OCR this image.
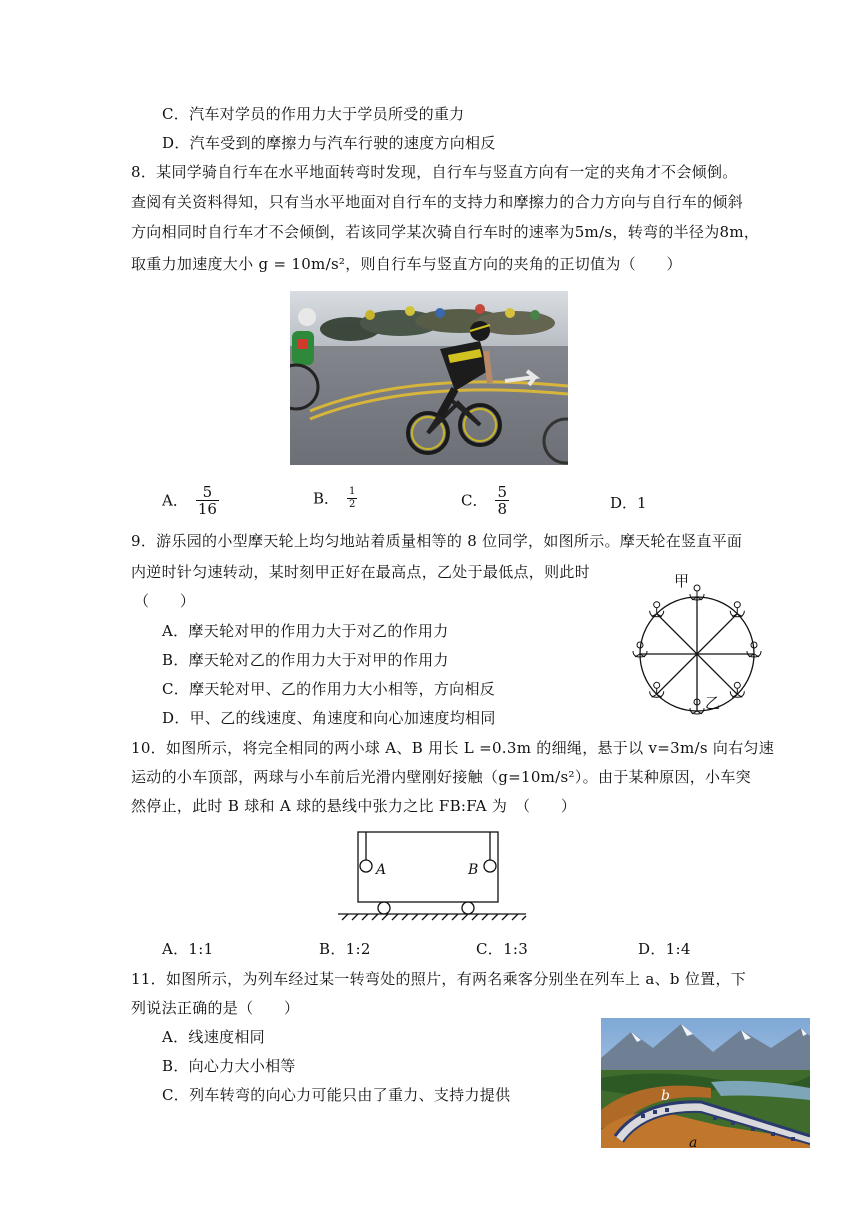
C．汽车对学员的作用力大于学员所受的重力
D．汽车受到的摩擦力与汽车行驶的速度方向相反
8．某同学骑自行车在水平地面转弯时发现，自行车与竖直方向有一定的夹角才不会倾倒。
查阅有关资料得知，只有当水平地面对自行车的支持力和摩擦力的合力方向与自行车的倾斜
方向相同时自行车才不会倾倒，若该同学某次骑自行车时的速率为5m/s，转弯的半径为8m，
取重力加速度大小 g = 10m/s²，则自行车与竖直方向的夹角的正切值为（　　）
A． $\frac{5}{16}$	B． $\frac{1}{2}$	C． $\frac{5}{8}$	D．1
9．游乐园的小型摩天轮上均匀地站着质量相等的 8 位同学，如图所示。摩天轮在竖直平面
内逆时针匀速转动，某时刻甲正好在最高点，乙处于最低点，则此时
（　　）
A．摩天轮对甲的作用力大于对乙的作用力
B．摩天轮对乙的作用力大于对甲的作用力
C．摩天轮对甲、乙的作用力大小相等，方向相反
D．甲、乙的线速度、角速度和向心加速度均相同
甲
乙
10．如图所示，将完全相同的两小球 A、B 用长 L =0.3m 的细绳，悬于以 v=3m/s 向右匀速
运动的小车顶部，两球与小车前后光滑内壁刚好接触（g=10m/s²）。由于某种原因，小车突
然停止，此时 B 球和 A 球的悬线中张力之比 FB:FA 为　（　　）
A	B
A．1:1	B．1:2	C．1:3	D．1:4
11．如图所示，为列车经过某一转弯处的照片，有两名乘客分别坐在列车上 a、b 位置，下
列说法正确的是（　　）
A．线速度相同
B．向心力大小相等
C．列车转弯的向心力可能只由了重力、支持力提供	b
a
